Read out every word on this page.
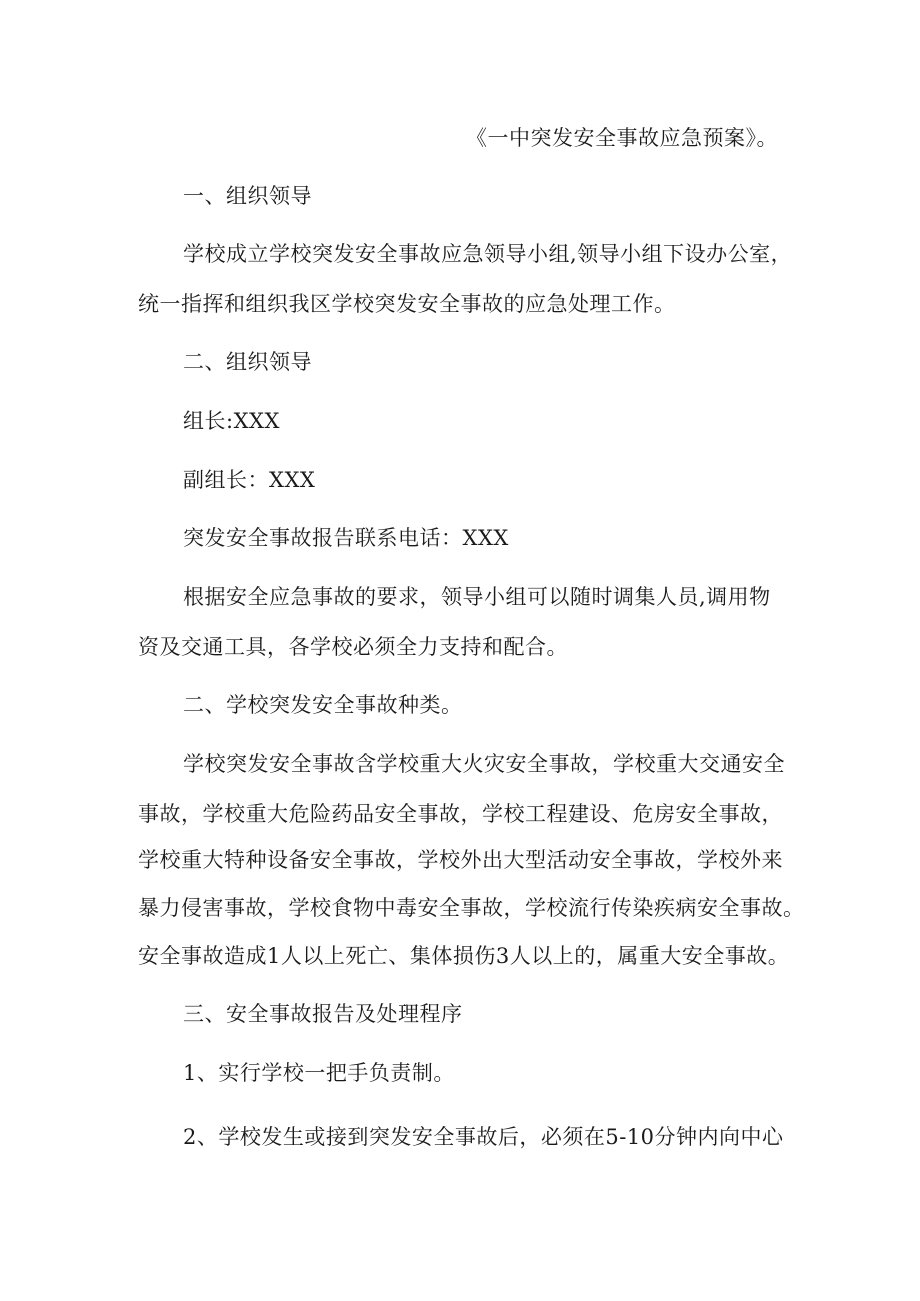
《一中突发安全事故应急预案》。
一、组织领导
学校成立学校突发安全事故应急领导小组,领导小组下设办公室，
统一指挥和组织我区学校突发安全事故的应急处理工作。
二、组织领导
组长:XXX
副组长：XXX
突发安全事故报告联系电话：XXX
根据安全应急事故的要求，领导小组可以随时调集人员,调用物
资及交通工具，各学校必须全力支持和配合。
二、学校突发安全事故种类。
学校突发安全事故含学校重大火灾安全事故，学校重大交通安全
事故，学校重大危险药品安全事故，学校工程建设、危房安全事故，
学校重大特种设备安全事故，学校外出大型活动安全事故，学校外来
暴力侵害事故，学校食物中毒安全事故，学校流行传染疾病安全事故。
安全事故造成1人以上死亡、集体损伤3人以上的，属重大安全事故。
三、安全事故报告及处理程序
1、实行学校一把手负责制。
2、学校发生或接到突发安全事故后，必须在5-10分钟内向中心
